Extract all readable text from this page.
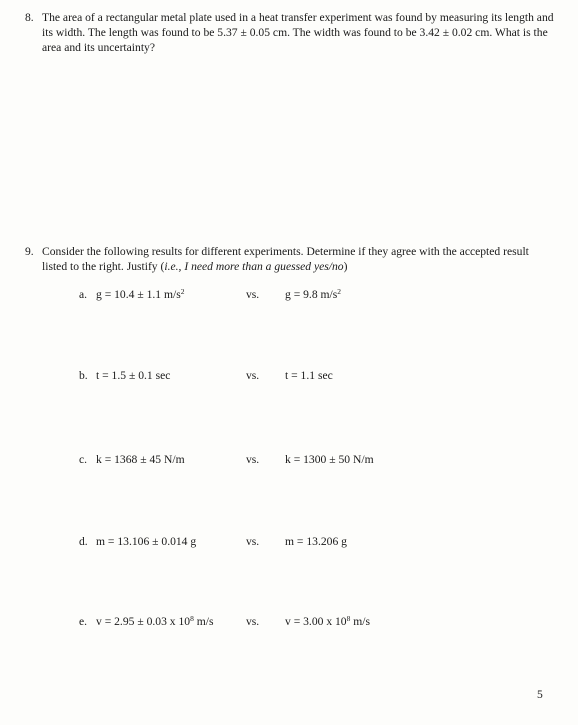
8. The area of a rectangular metal plate used in a heat transfer experiment was found by measuring its length and its width. The length was found to be 5.37 ± 0.05 cm. The width was found to be 3.42 ± 0.02 cm. What is the area and its uncertainty?
9. Consider the following results for different experiments. Determine if they agree with the accepted result listed to the right. Justify (i.e., I need more than a guessed yes/no)
a. g = 10.4 ± 1.1 $m/s^2$	vs. g = 9.8 $m/s^2$
b. t = 1.5 ± 0.1 sec	vs. t = 1.1 sec
c. k = 1368 ± 45 N/m	vs. k = 1300 ± 50 N/m
d. m = 13.106 ± 0.014 g	vs. m = 13.206 g
e. v = 2.95 ± 0.03 x $10^8$ m/s	vs. v = 3.00 x $10^8$ m/s
5
